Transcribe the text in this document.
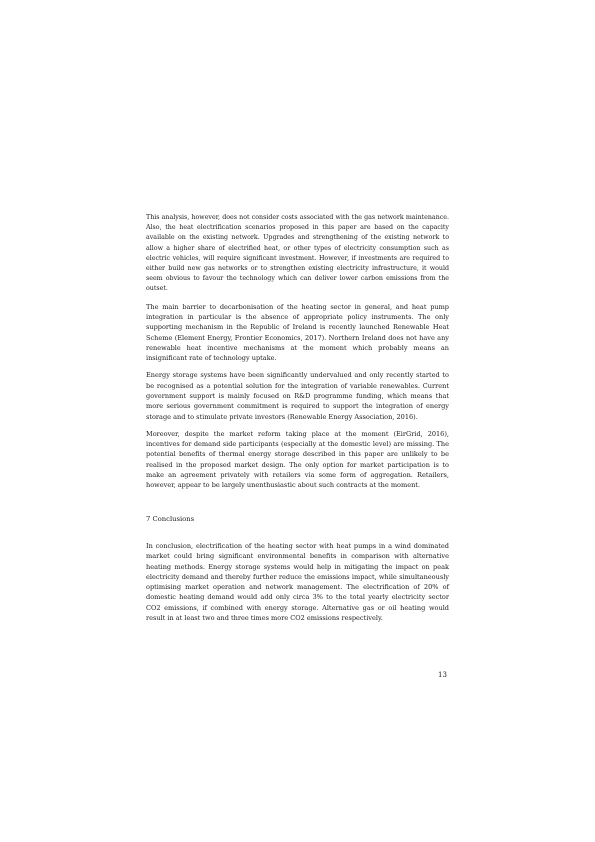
This analysis, however, does not consider costs associated with the gas network maintenance. Also, the heat electrification scenarios proposed in this paper are based on the capacity available on the existing network. Upgrades and strengthening of the existing network to allow a higher share of electrified heat, or other types of electricity consumption such as electric vehicles, will require significant investment. However, if investments are required to either build new gas networks or to strengthen existing electricity infrastructure, it would seem obvious to favour the technology which can deliver lower carbon emissions from the outset.

The main barrier to decarbonisation of the heating sector in general, and heat pump integration in particular is the absence of appropriate policy instruments. The only supporting mechanism in the Republic of Ireland is recently launched Renewable Heat Scheme (Element Energy, Frontier Economics, 2017). Northern Ireland does not have any renewable heat incentive mechanisms at the moment which probably means an insignificant rate of technology uptake.

Energy storage systems have been significantly undervalued and only recently started to be recognised as a potential solution for the integration of variable renewables. Current government support is mainly focused on R&D programme funding, which means that more serious government commitment is required to support the integration of energy storage and to stimulate private investors (Renewable Energy Association, 2016).

Moreover, despite the market reform taking place at the moment (EirGrid, 2016), incentives for demand side participants (especially at the domestic level) are missing. The potential benefits of thermal energy storage described in this paper are unlikely to be realised in the proposed market design. The only option for market participation is to make an agreement privately with retailers via some form of aggregation. Retailers, however, appear to be largely unenthusiastic about such contracts at the moment.

7 Conclusions

In conclusion, electrification of the heating sector with heat pumps in a wind dominated market could bring significant environmental benefits in comparison with alternative heating methods. Energy storage systems would help in mitigating the impact on peak electricity demand and thereby further reduce the emissions impact, while simultaneously optimising market operation and network management. The electrification of 20% of domestic heating demand would add only circa 3% to the total yearly electricity sector CO2 emissions, if combined with energy storage. Alternative gas or oil heating would result in at least two and three times more CO2 emissions respectively.

13
